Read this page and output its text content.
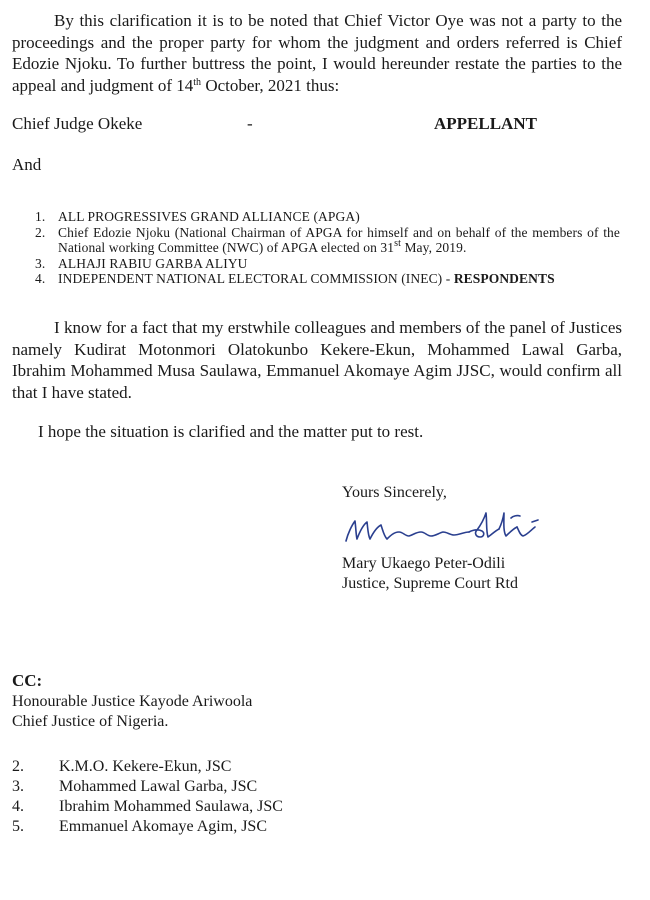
By this clarification it is to be noted that Chief Victor Oye was not a party to the proceedings and the proper party for whom the judgment and orders referred is Chief Edozie Njoku. To further buttress the point, I would hereunder restate the parties to the appeal and judgment of 14th October, 2021 thus:
Chief Judge Okeke	-	APPELLANT
And
1. ALL PROGRESSIVES GRAND ALLIANCE (APGA)
2. Chief Edozie Njoku (National Chairman of APGA for himself and on behalf of the members of the National working Committee (NWC) of APGA elected on 31st May, 2019.
3. ALHAJI RABIU GARBA ALIYU
4. INDEPENDENT NATIONAL ELECTORAL COMMISSION (INEC) - RESPONDENTS
I know for a fact that my erstwhile colleagues and members of the panel of Justices namely Kudirat Motonmori Olatokunbo Kekere-Ekun, Mohammed Lawal Garba, Ibrahim Mohammed Musa Saulawa, Emmanuel Akomaye Agim JJSC, would confirm all that I have stated.
I hope the situation is clarified and the matter put to rest.
Yours Sincerely,
Mary Ukaego Peter-Odili
Justice, Supreme Court Rtd
CC:
Honourable Justice Kayode Ariwoola
Chief Justice of Nigeria.
2. K.M.O. Kekere-Ekun, JSC
3. Mohammed Lawal Garba, JSC
4. Ibrahim Mohammed Saulawa, JSC
5. Emmanuel Akomaye Agim, JSC
